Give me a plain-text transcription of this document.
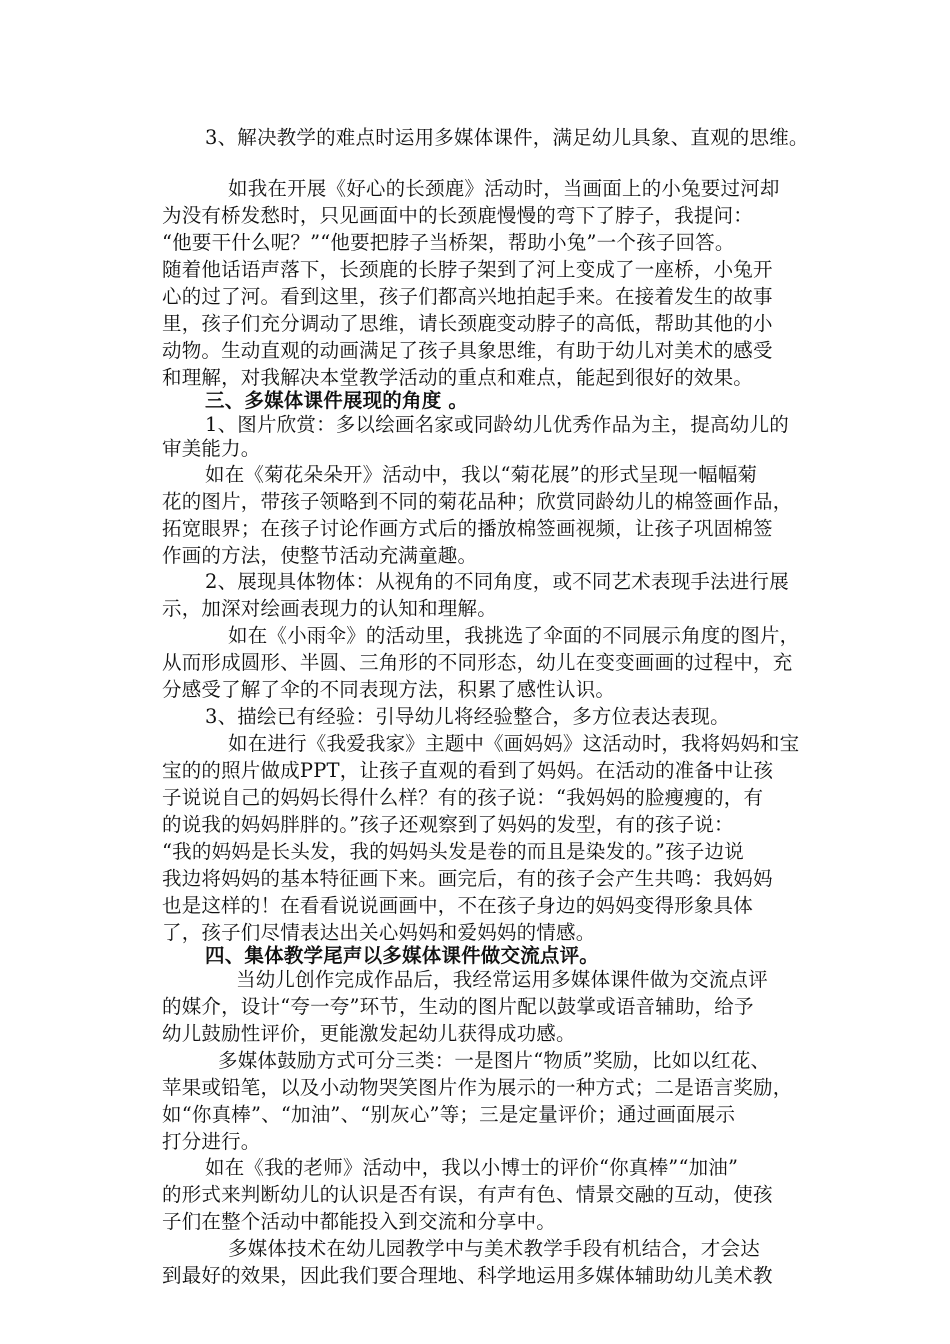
3、解决教学的难点时运用多媒体课件，满足幼儿具象、直观的思维。

如我在开展《好心的长颈鹿》活动时，当画面上的小兔要过河却

为没有桥发愁时，只见画面中的长颈鹿慢慢的弯下了脖子，我提问：

“他要干什么呢？”“他要把脖子当桥架，帮助小兔”一个孩子回答。

随着他话语声落下，长颈鹿的长脖子架到了河上变成了一座桥，小兔开

心的过了河。看到这里，孩子们都高兴地拍起手来。在接着发生的故事

里，孩子们充分调动了思维，请长颈鹿变动脖子的高低，帮助其他的小

动物。生动直观的动画满足了孩子具象思维，有助于幼儿对美术的感受

和理解，对我解决本堂教学活动的重点和难点，能起到很好的效果。

三、多媒体课件展现的角度 。

1、图片欣赏：多以绘画名家或同龄幼儿优秀作品为主，提高幼儿的

审美能力。

如在《菊花朵朵开》活动中，我以“菊花展”的形式呈现一幅幅菊

花的图片，带孩子领略到不同的菊花品种；欣赏同龄幼儿的棉签画作品，

拓宽眼界；在孩子讨论作画方式后的播放棉签画视频，让孩子巩固棉签

作画的方法，使整节活动充满童趣。

2、展现具体物体：从视角的不同角度，或不同艺术表现手法进行展

示，加深对绘画表现力的认知和理解。

如在《小雨伞》的活动里，我挑选了伞面的不同展示角度的图片，

从而形成圆形、半圆、三角形的不同形态，幼儿在变变画画的过程中，充

分感受了解了伞的不同表现方法，积累了感性认识。

3、描绘已有经验：引导幼儿将经验整合，多方位表达表现。

如在进行《我爱我家》主题中《画妈妈》这活动时，我将妈妈和宝

宝的的照片做成PPT，让孩子直观的看到了妈妈。在活动的准备中让孩

子说说自己的妈妈长得什么样？有的孩子说：“我妈妈的脸瘦瘦的，有

的说我的妈妈胖胖的。”孩子还观察到了妈妈的发型，有的孩子说：

“我的妈妈是长头发，我的妈妈头发是卷的而且是染发的。”孩子边说

我边将妈妈的基本特征画下来。画完后，有的孩子会产生共鸣：我妈妈

也是这样的！在看看说说画画中，不在孩子身边的妈妈变得形象具体

了，孩子们尽情表达出关心妈妈和爱妈妈的情感。

四、集体教学尾声以多媒体课件做交流点评。

当幼儿创作完成作品后，我经常运用多媒体课件做为交流点评

的媒介，设计“夸一夸”环节，生动的图片配以鼓掌或语音辅助，给予

幼儿鼓励性评价，更能激发起幼儿获得成功感。

多媒体鼓励方式可分三类：一是图片“物质”奖励，比如以红花、

苹果或铅笔，以及小动物哭笑图片作为展示的一种方式；二是语言奖励，

如“你真棒”、“加油”、“别灰心”等；三是定量评价；通过画面展示

打分进行。

如在《我的老师》活动中，我以小博士的评价“你真棒”“加油”

的形式来判断幼儿的认识是否有误，有声有色、情景交融的互动，使孩

子们在整个活动中都能投入到交流和分享中。

多媒体技术在幼儿园教学中与美术教学手段有机结合，才会达

到最好的效果，因此我们要合理地、科学地运用多媒体辅助幼儿美术教
